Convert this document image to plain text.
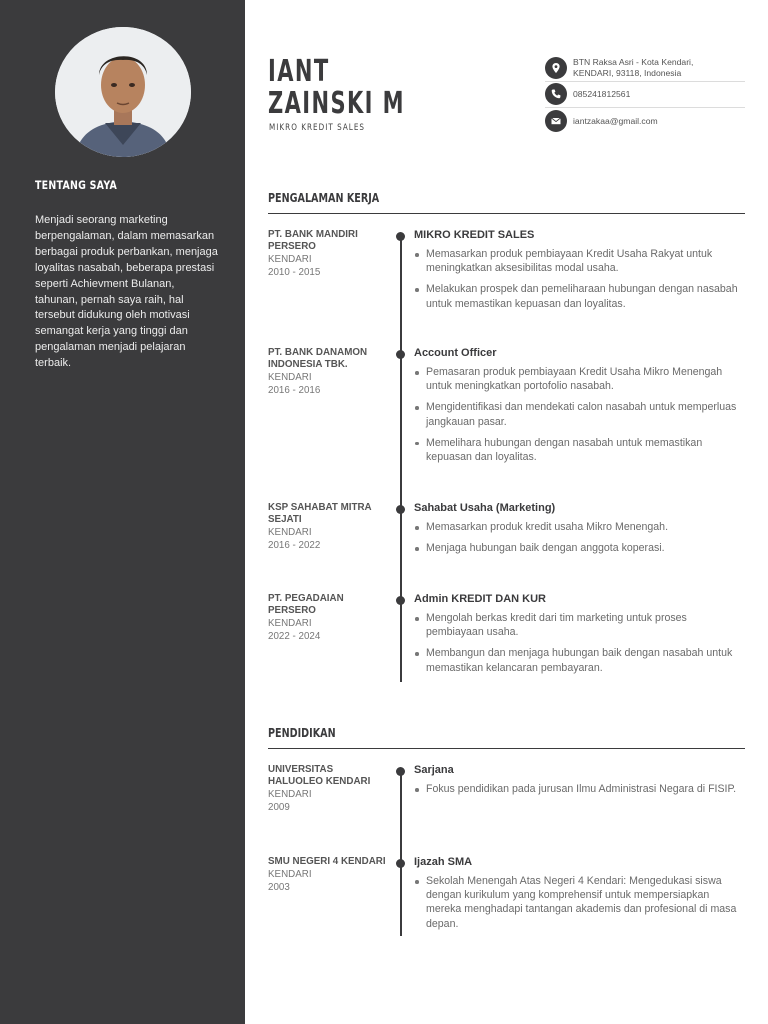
TENTANG SAYA

Menjadi seorang marketing berpengalaman, dalam memasarkan berbagai produk perbankan, menjaga loyalitas nasabah, beberapa prestasi seperti Achievment Bulanan, tahunan, pernah saya raih, hal tersebut didukung oleh motivasi semangat kerja yang tinggi dan pengalaman menjadi pelajaran terbaik.

IANT
ZAINSKI M
MIKRO KREDIT SALES
BTN Raksa Asri - Kota Kendari,
KENDARI, 93118, Indonesia
085241812561
iantzakaa@gmail.com
PENGALAMAN KERJA
PT. BANK MANDIRI PERSERO
KENDARI
2010 - 2015
MIKRO KREDIT SALES
Memasarkan produk pembiayaan Kredit Usaha Rakyat untuk meningkatkan aksesibilitas modal usaha.
Melakukan prospek dan pemeliharaan hubungan dengan nasabah untuk memastikan kepuasan dan loyalitas.
PT. BANK DANAMON INDONESIA TBK.
KENDARI
2016 - 2016
Account Officer
Pemasaran produk pembiayaan Kredit Usaha Mikro Menengah untuk meningkatkan portofolio nasabah.
Mengidentifikasi dan mendekati calon nasabah untuk memperluas jangkauan pasar.
Memelihara hubungan dengan nasabah untuk memastikan kepuasan dan loyalitas.
KSP SAHABAT MITRA SEJATI
KENDARI
2016 - 2022
Sahabat Usaha (Marketing)
Memasarkan produk kredit usaha Mikro Menengah.
Menjaga hubungan baik dengan anggota koperasi.
PT. PEGADAIAN PERSERO
KENDARI
2022 - 2024
Admin KREDIT DAN KUR
Mengolah berkas kredit dari tim marketing untuk proses pembiayaan usaha.
Membangun dan menjaga hubungan baik dengan nasabah untuk memastikan kelancaran pembayaran.
PENDIDIKAN
UNIVERSITAS HALUOLEO KENDARI
KENDARI
2009
Sarjana
Fokus pendidikan pada jurusan Ilmu Administrasi Negara di FISIP.
SMU NEGERI 4 KENDARI
KENDARI
2003
Ijazah SMA
Sekolah Menengah Atas Negeri 4 Kendari: Mengedukasi siswa dengan kurikulum yang komprehensif untuk mempersiapkan mereka menghadapi tantangan akademis dan profesional di masa depan.
